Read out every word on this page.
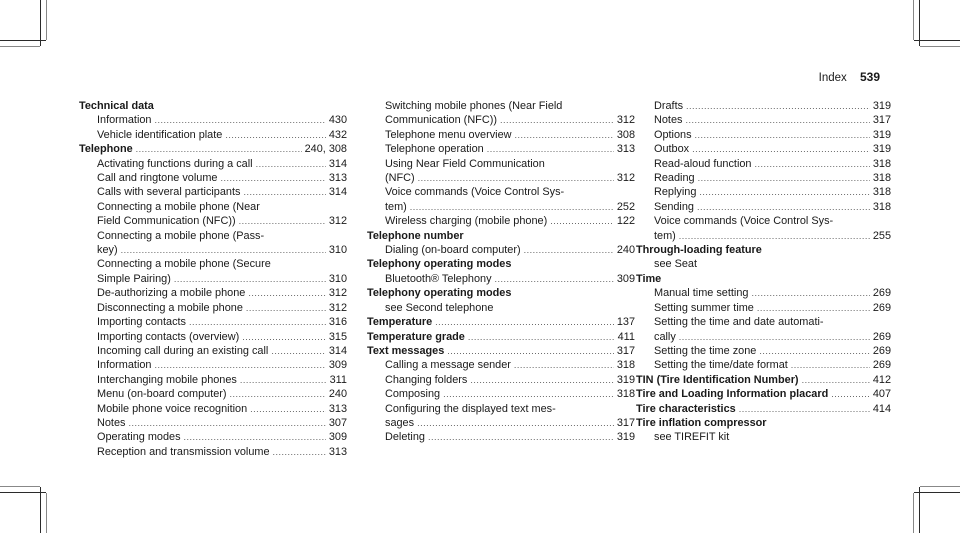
Index 539
Technical data
Information .....	430
Vehicle identification plate .....	432
Telephone .....	240, 308
Activating functions during a call .....	314
Call and ringtone volume .....	313
Calls with several participants .....	314
Connecting a mobile phone (Near
Field Communication (NFC)) .....	312
Connecting a mobile phone (Pass-
key) .....	310
Connecting a mobile phone (Secure
Simple Pairing) .....	310
De-authorizing a mobile phone .....	312
Disconnecting a mobile phone .....	312
Importing contacts .....	316
Importing contacts (overview) .....	315
Incoming call during an existing call .....	314
Information .....	309
Interchanging mobile phones .....	311
Menu (on-board computer) .....	240
Mobile phone voice recognition .....	313
Notes .....	307
Operating modes .....	309
Reception and transmission volume .....	313
Switching mobile phones (Near Field
Communication (NFC)) .....	312
Telephone menu overview .....	308
Telephone operation .....	313
Using Near Field Communication
(NFC) .....	312
Voice commands (Voice Control Sys-
tem) .....	252
Wireless charging (mobile phone) .....	122
Telephone number
Dialing (on-board computer) .....	240
Telephony operating modes
Bluetooth® Telephony .....	309
Telephony operating modes
see Second telephone
Temperature .....	137
Temperature grade .....	411
Text messages .....	317
Calling a message sender .....	318
Changing folders .....	319
Composing .....	318
Configuring the displayed text mes-
sages .....	317
Deleting .....	319
Drafts .....	319
Notes .....	317
Options .....	319
Outbox .....	319
Read-aloud function .....	318
Reading .....	318
Replying .....	318
Sending .....	318
Voice commands (Voice Control Sys-
tem) .....	255
Through-loading feature
see Seat
Time
Manual time setting .....	269
Setting summer time .....	269
Setting the time and date automati-
cally .....	269
Setting the time zone .....	269
Setting the time/date format .....	269
TIN (Tire Identification Number) .....	412
Tire and Loading Information placard .....	407
Tire characteristics .....	414
Tire inflation compressor
see TIREFIT kit
